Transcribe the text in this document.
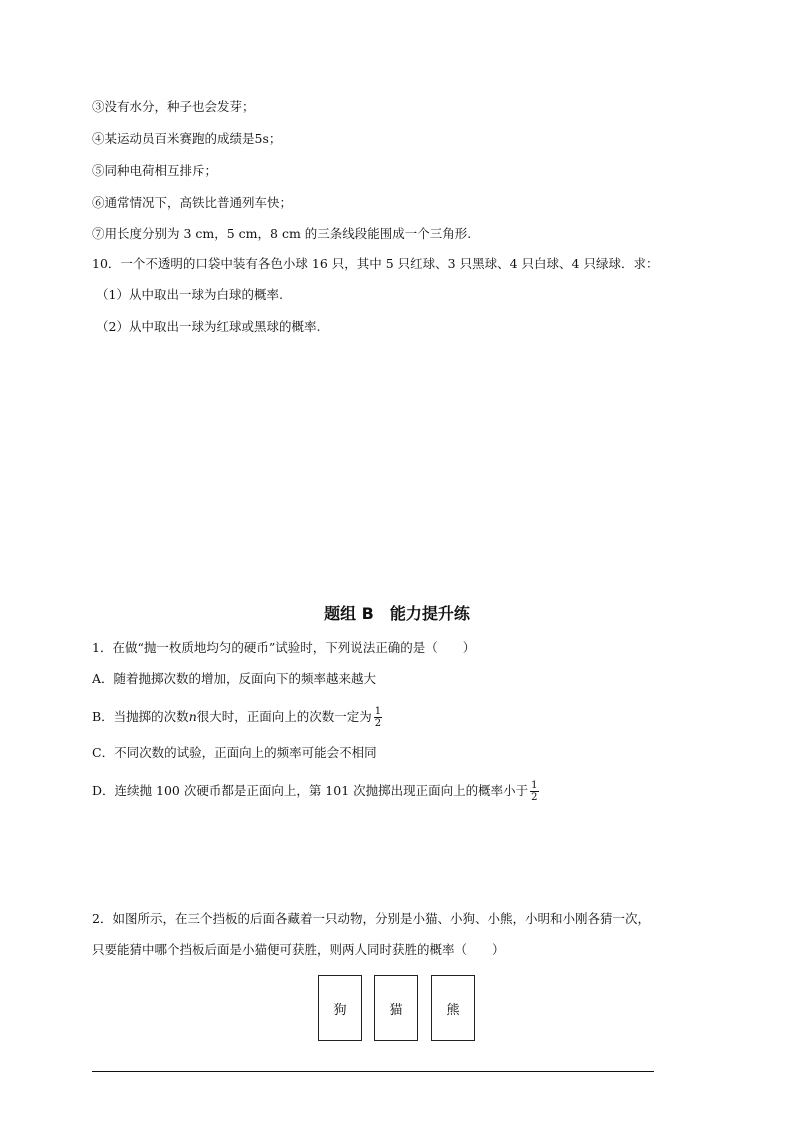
③没有水分，种子也会发芽；
④某运动员百米赛跑的成绩是5s；
⑤同种电荷相互排斥；
⑥通常情况下，高铁比普通列车快；
⑦用长度分别为 3 cm，5 cm，8 cm 的三条线段能围成一个三角形.
10．一个不透明的口袋中装有各色小球 16 只，其中 5 只红球、3 只黑球、4 只白球、4 只绿球．求：
（1）从中取出一球为白球的概率.
（2）从中取出一球为红球或黑球的概率.
题组 B　能力提升练
1．在做“抛一枚质地均匀的硬币”试验时，下列说法正确的是（　　）
A．随着抛掷次数的增加，反面向下的频率越来越大
B．当抛掷的次数n很大时，正面向上的次数一定为 $\frac{1}{2}$
C．不同次数的试验，正面向上的频率可能会不相同
D．连续抛 100 次硬币都是正面向上，第 101 次抛掷出现正面向上的概率小于 $\frac{1}{2}$
2．如图所示，在三个挡板的后面各藏着一只动物，分别是小猫、小狗、小熊，小明和小刚各猜一次，
只要能猜中哪个挡板后面是小猫便可获胜，则两人同时获胜的概率（　　）
狗	猫	熊
